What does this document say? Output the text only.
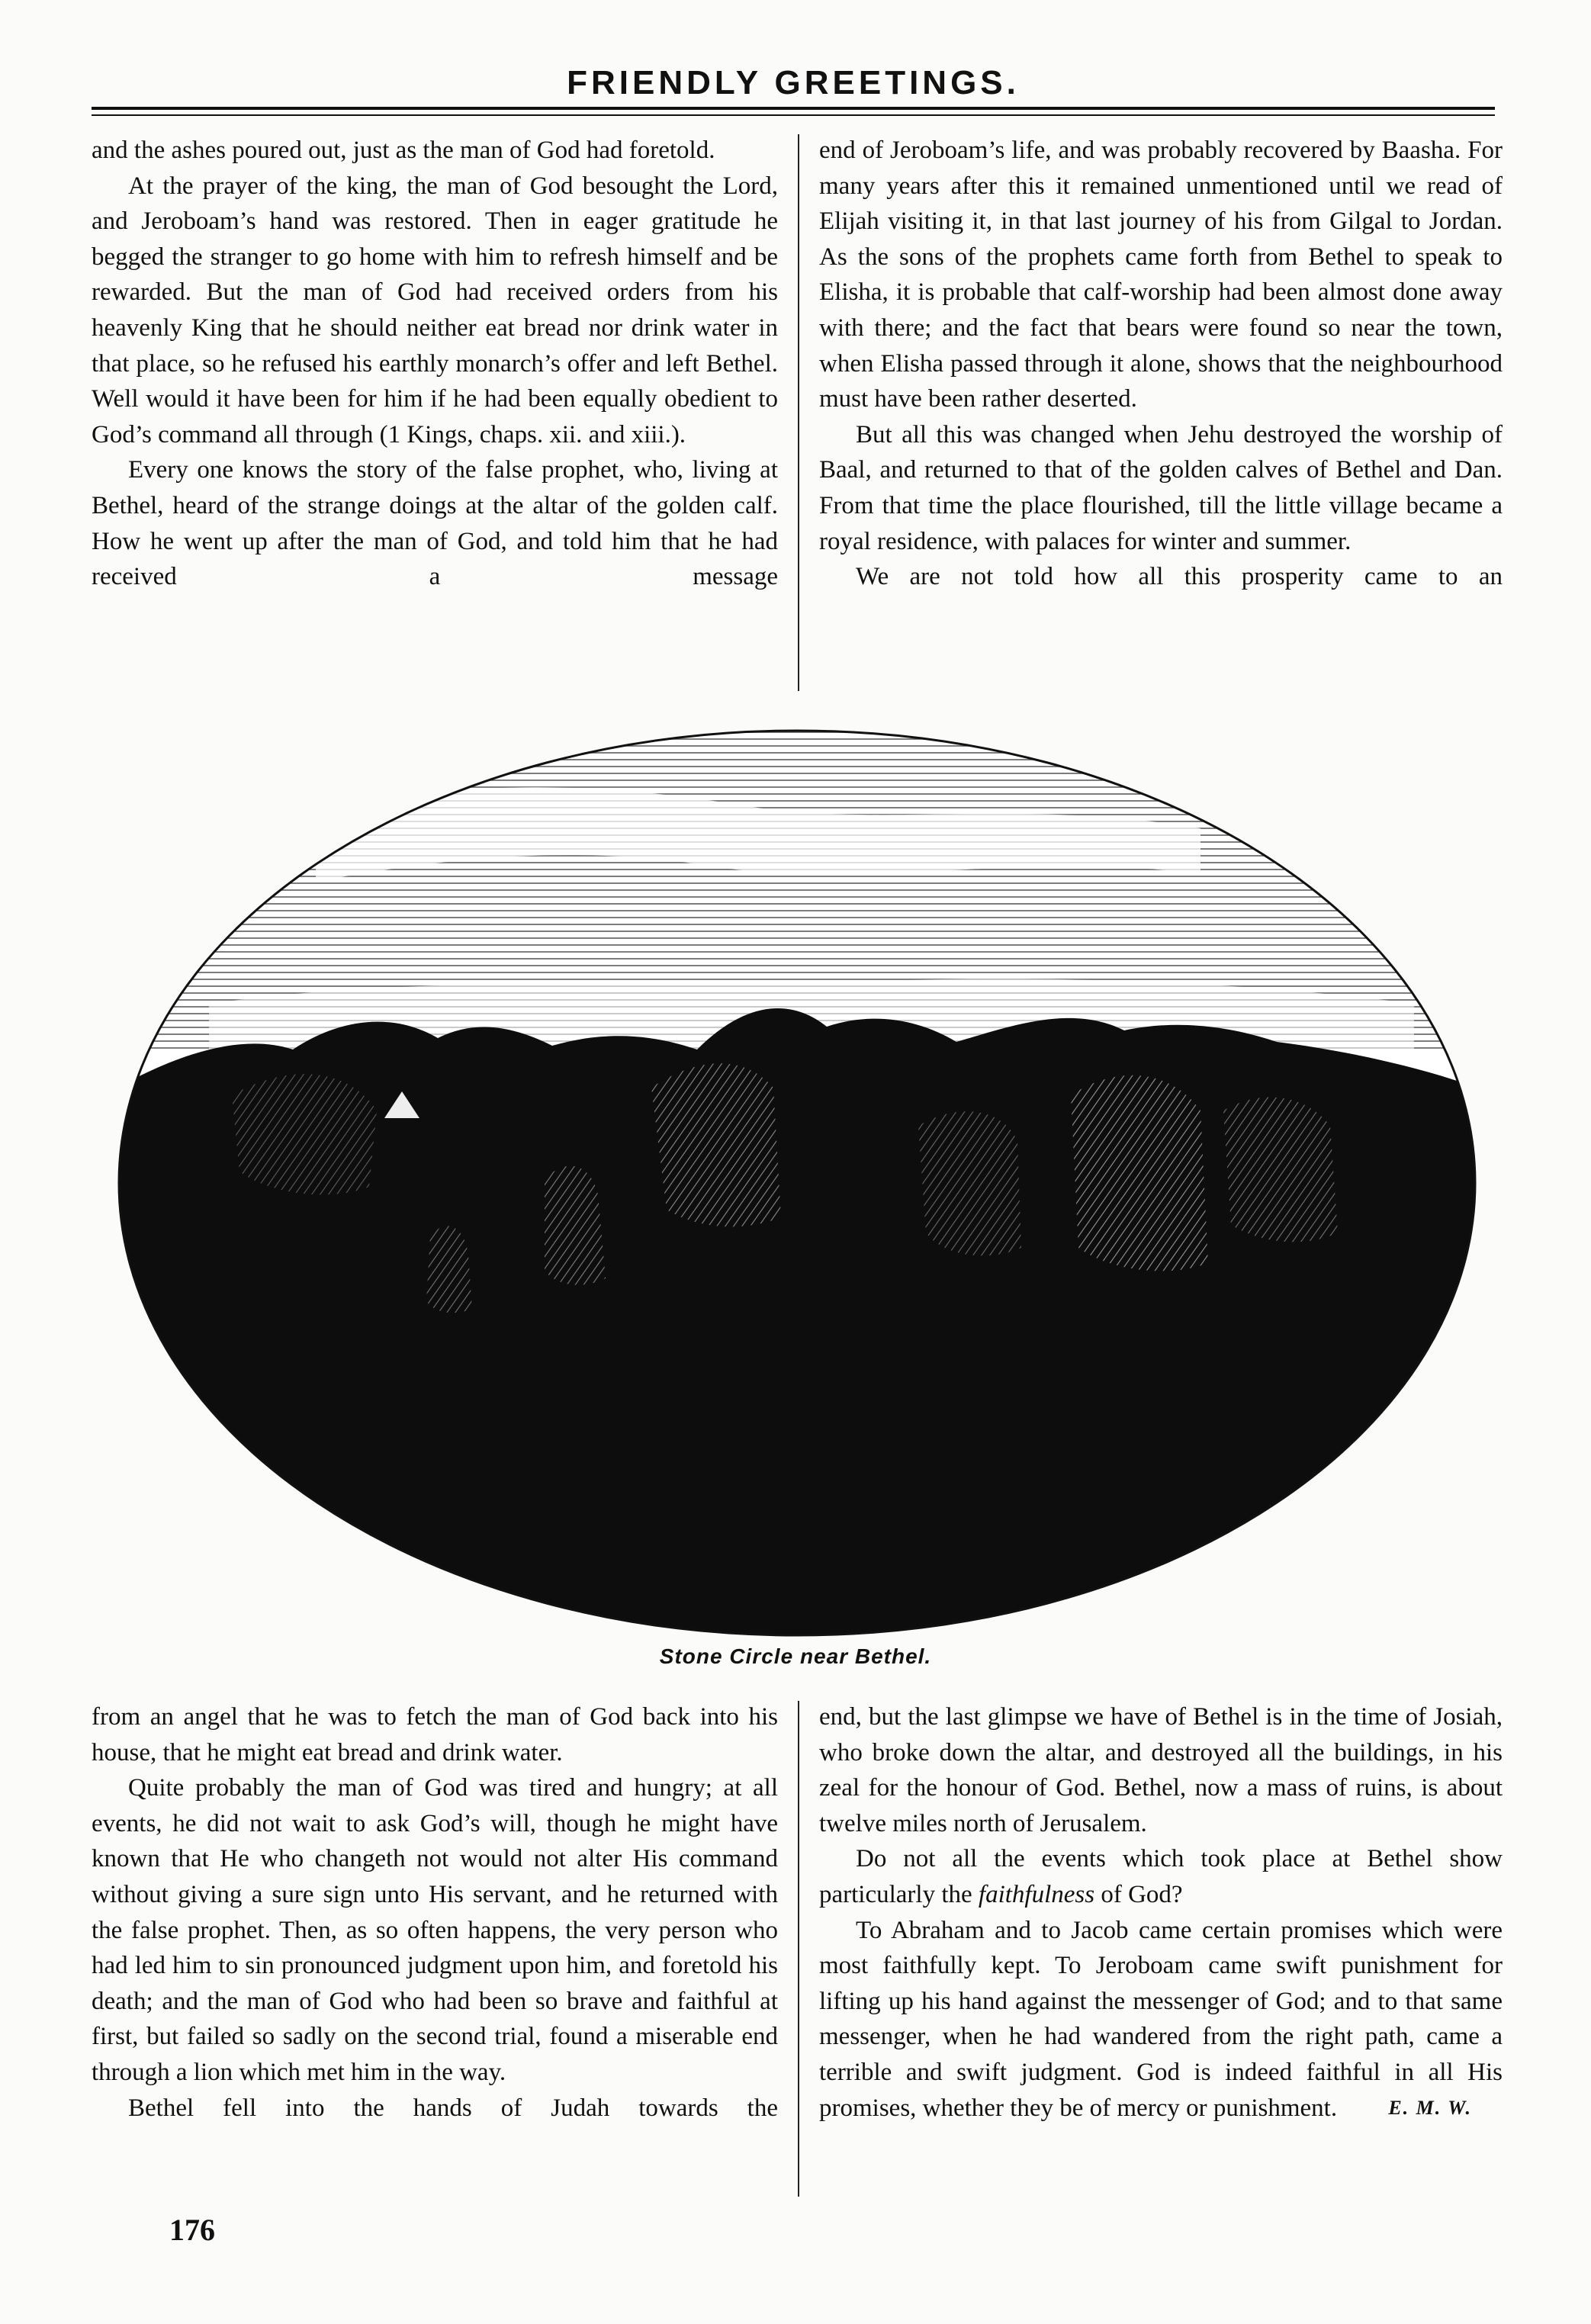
FRIENDLY GREETINGS.

and the ashes poured out, just as the man of God had foretold.

At the prayer of the king, the man of God besought the Lord, and Jeroboam’s hand was restored. Then in eager gratitude he begged the stranger to go home with him to refresh himself and be rewarded. But the man of God had received orders from his heavenly King that he should neither eat bread nor drink water in that place, so he refused his earthly monarch’s offer and left Bethel. Well would it have been for him if he had been equally obedient to God’s command all through (1 Kings, chaps. xii. and xiii.).

Every one knows the story of the false prophet, who, living at Bethel, heard of the strange doings at the altar of the golden calf. How he went up after the man of God, and told him that he had received a message

end of Jeroboam’s life, and was probably recovered by Baasha. For many years after this it remained unmentioned until we read of Elijah visiting it, in that last journey of his from Gilgal to Jordan. As the sons of the prophets came forth from Bethel to speak to Elisha, it is probable that calf-worship had been almost done away with there; and the fact that bears were found so near the town, when Elisha passed through it alone, shows that the neighbourhood must have been rather deserted.

But all this was changed when Jehu destroyed the worship of Baal, and returned to that of the golden calves of Bethel and Dan. From that time the place flourished, till the little village became a royal residence, with palaces for winter and summer.

We are not told how all this prosperity came to an

Stone Circle near Bethel.

from an angel that he was to fetch the man of God back into his house, that he might eat bread and drink water.

Quite probably the man of God was tired and hungry; at all events, he did not wait to ask God’s will, though he might have known that He who changeth not would not alter His command without giving a sure sign unto His servant, and he returned with the false prophet. Then, as so often happens, the very person who had led him to sin pronounced judgment upon him, and foretold his death; and the man of God who had been so brave and faithful at first, but failed so sadly on the second trial, found a miserable end through a lion which met him in the way.

Bethel fell into the hands of Judah towards the

end, but the last glimpse we have of Bethel is in the time of Josiah, who broke down the altar, and destroyed all the buildings, in his zeal for the honour of God. Bethel, now a mass of ruins, is about twelve miles north of Jerusalem.

Do not all the events which took place at Bethel show particularly the faithfulness of God?

To Abraham and to Jacob came certain promises which were most faithfully kept. To Jeroboam came swift punishment for lifting up his hand against the messenger of God; and to that same messenger, when he had wandered from the right path, came a terrible and swift judgment. God is indeed faithful in all His promises, whether they be of mercy or punishment.	E. M. W.

176
